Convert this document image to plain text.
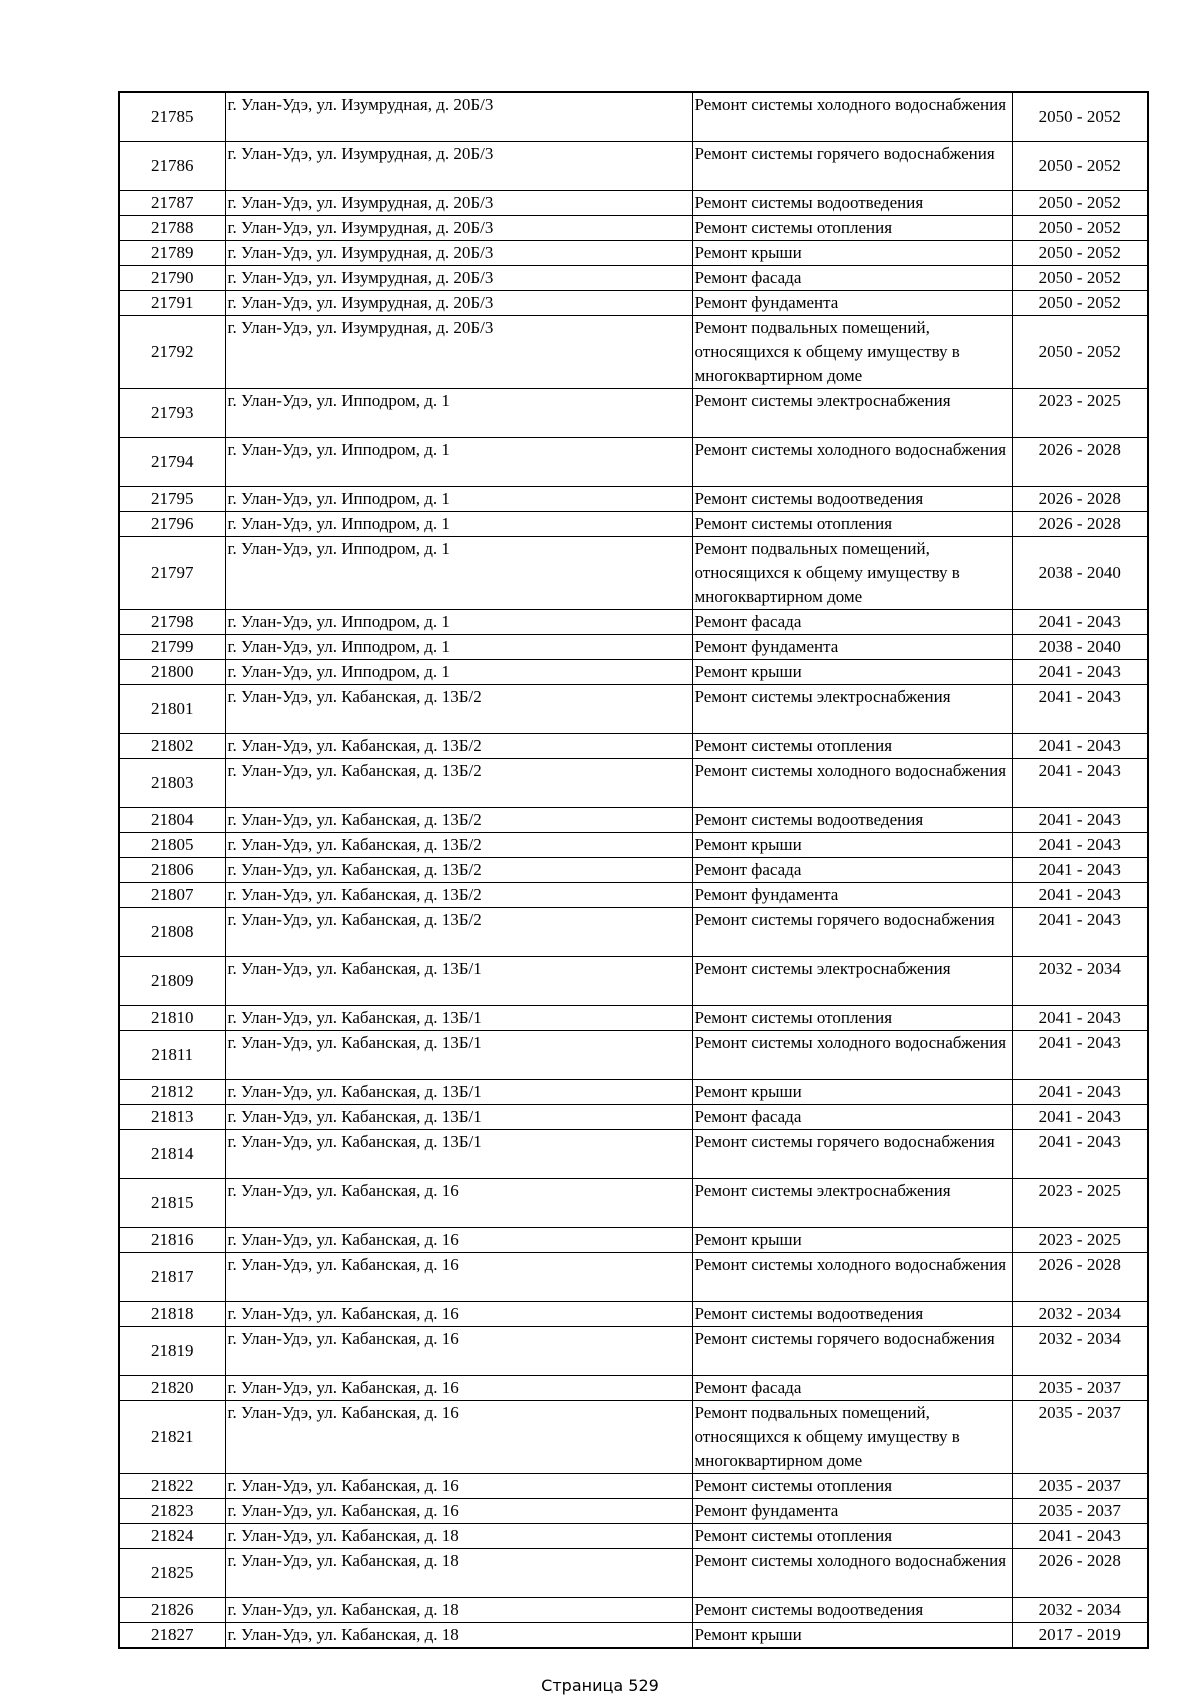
21785	г. Улан-Удэ, ул. Изумрудная, д. 20Б/3	Ремонт системы холодного водоснабжения	2050 - 2052
21786	г. Улан-Удэ, ул. Изумрудная, д. 20Б/3	Ремонт системы горячего водоснабжения	2050 - 2052
21787	г. Улан-Удэ, ул. Изумрудная, д. 20Б/3	Ремонт системы водоотведения	2050 - 2052
21788	г. Улан-Удэ, ул. Изумрудная, д. 20Б/3	Ремонт системы отопления	2050 - 2052
21789	г. Улан-Удэ, ул. Изумрудная, д. 20Б/3	Ремонт крыши	2050 - 2052
21790	г. Улан-Удэ, ул. Изумрудная, д. 20Б/3	Ремонт фасада	2050 - 2052
21791	г. Улан-Удэ, ул. Изумрудная, д. 20Б/3	Ремонт фундамента	2050 - 2052
21792	г. Улан-Удэ, ул. Изумрудная, д. 20Б/3	Ремонт подвальных помещений, относящихся к общему имуществу в многоквартирном доме	2050 - 2052
21793	г. Улан-Удэ, ул. Ипподром, д. 1	Ремонт системы электроснабжения	2023 - 2025
21794	г. Улан-Удэ, ул. Ипподром, д. 1	Ремонт системы холодного водоснабжения	2026 - 2028
21795	г. Улан-Удэ, ул. Ипподром, д. 1	Ремонт системы водоотведения	2026 - 2028
21796	г. Улан-Удэ, ул. Ипподром, д. 1	Ремонт системы отопления	2026 - 2028
21797	г. Улан-Удэ, ул. Ипподром, д. 1	Ремонт подвальных помещений, относящихся к общему имуществу в многоквартирном доме	2038 - 2040
21798	г. Улан-Удэ, ул. Ипподром, д. 1	Ремонт фасада	2041 - 2043
21799	г. Улан-Удэ, ул. Ипподром, д. 1	Ремонт фундамента	2038 - 2040
21800	г. Улан-Удэ, ул. Ипподром, д. 1	Ремонт крыши	2041 - 2043
21801	г. Улан-Удэ, ул. Кабанская, д. 13Б/2	Ремонт системы электроснабжения	2041 - 2043
21802	г. Улан-Удэ, ул. Кабанская, д. 13Б/2	Ремонт системы отопления	2041 - 2043
21803	г. Улан-Удэ, ул. Кабанская, д. 13Б/2	Ремонт системы холодного водоснабжения	2041 - 2043
21804	г. Улан-Удэ, ул. Кабанская, д. 13Б/2	Ремонт системы водоотведения	2041 - 2043
21805	г. Улан-Удэ, ул. Кабанская, д. 13Б/2	Ремонт крыши	2041 - 2043
21806	г. Улан-Удэ, ул. Кабанская, д. 13Б/2	Ремонт фасада	2041 - 2043
21807	г. Улан-Удэ, ул. Кабанская, д. 13Б/2	Ремонт фундамента	2041 - 2043
21808	г. Улан-Удэ, ул. Кабанская, д. 13Б/2	Ремонт системы горячего водоснабжения	2041 - 2043
21809	г. Улан-Удэ, ул. Кабанская, д. 13Б/1	Ремонт системы электроснабжения	2032 - 2034
21810	г. Улан-Удэ, ул. Кабанская, д. 13Б/1	Ремонт системы отопления	2041 - 2043
21811	г. Улан-Удэ, ул. Кабанская, д. 13Б/1	Ремонт системы холодного водоснабжения	2041 - 2043
21812	г. Улан-Удэ, ул. Кабанская, д. 13Б/1	Ремонт крыши	2041 - 2043
21813	г. Улан-Удэ, ул. Кабанская, д. 13Б/1	Ремонт фасада	2041 - 2043
21814	г. Улан-Удэ, ул. Кабанская, д. 13Б/1	Ремонт системы горячего водоснабжения	2041 - 2043
21815	г. Улан-Удэ, ул. Кабанская, д. 16	Ремонт системы электроснабжения	2023 - 2025
21816	г. Улан-Удэ, ул. Кабанская, д. 16	Ремонт крыши	2023 - 2025
21817	г. Улан-Удэ, ул. Кабанская, д. 16	Ремонт системы холодного водоснабжения	2026 - 2028
21818	г. Улан-Удэ, ул. Кабанская, д. 16	Ремонт системы водоотведения	2032 - 2034
21819	г. Улан-Удэ, ул. Кабанская, д. 16	Ремонт системы горячего водоснабжения	2032 - 2034
21820	г. Улан-Удэ, ул. Кабанская, д. 16	Ремонт фасада	2035 - 2037
21821	г. Улан-Удэ, ул. Кабанская, д. 16	Ремонт подвальных помещений, относящихся к общему имуществу в многоквартирном доме	2035 - 2037
21822	г. Улан-Удэ, ул. Кабанская, д. 16	Ремонт системы отопления	2035 - 2037
21823	г. Улан-Удэ, ул. Кабанская, д. 16	Ремонт фундамента	2035 - 2037
21824	г. Улан-Удэ, ул. Кабанская, д. 18	Ремонт системы отопления	2041 - 2043
21825	г. Улан-Удэ, ул. Кабанская, д. 18	Ремонт системы холодного водоснабжения	2026 - 2028
21826	г. Улан-Удэ, ул. Кабанская, д. 18	Ремонт системы водоотведения	2032 - 2034
21827	г. Улан-Удэ, ул. Кабанская, д. 18	Ремонт крыши	2017 - 2019
Страница 529
